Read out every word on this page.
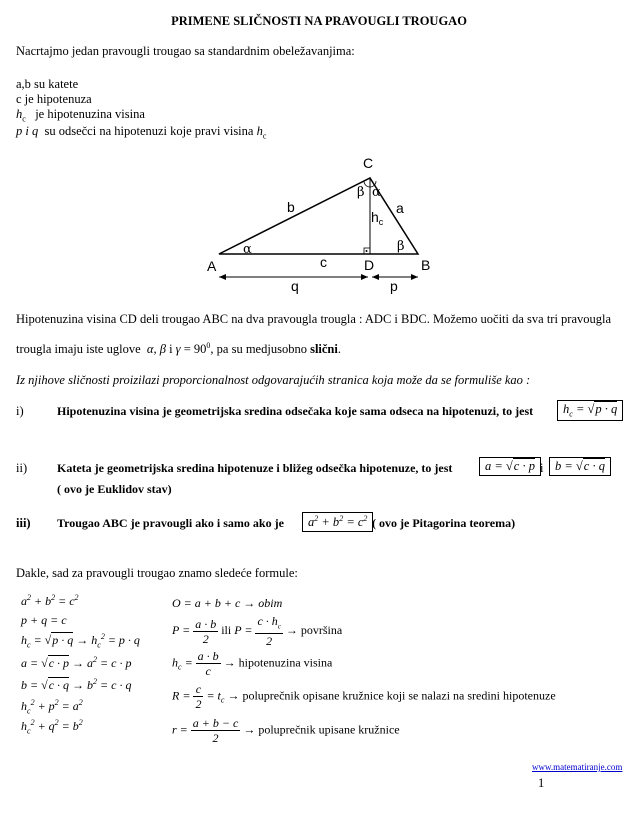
PRIMENE SLIČNOSTI NA PRAVOUGLI TROUGAO
Nacrtajmo jedan pravougli trougao sa standardnim obeležavanjima:
a,b su katete
c je hipotenuza
$h_c$ je hipotenuzina visina
p i q su odsečci na hipotenuzi koje pravi visina $h_c$
C
A	D	B
b	a
c
$h_c$
q	p
α
α
β
β
Hipotenuzina visina CD deli trougao ABC na dva pravougla trougla : ADC i BDC. Možemo uočiti da sva tri pravougla
trougla imaju iste uglove α, β i $\gamma = 90^0$, pa su medjusobno slični.
Iz njihove sličnosti proizilazi proporcionalnost odgovarajućih stranica koja može da se formuliše kao :
i)	Hipotenuzina visina je geometrijska sredina odsečaka koje sama odseca na hipotenuzi, to jest	$h_c = √p \cdot q$
ii) Kateta je geometrijska sredina hipotenuze i bližeg odsečka hipotenuze, to jest	a = √c · p i b = √c · q
( ovo je Euklidov stav)
iii) Trougao ABC je pravougli ako i samo ako je	$a^2 + b^2 = c^2$ ( ovo je Pitagorina teorema)
Dakle, sad za pravougli trougao znamo sledeće formule:
$a^2 + b^2 = c^2$
p + q = c
$h_c = √p \cdot q \to h_c^2 = p \cdot q$
$a = √c \cdot p \to a^2 = c \cdot p$
$b = √c \cdot q \to b^2 = c \cdot q$
$h_c^2 + p^2 = a^2$
$h_c^2 + q^2 = b^2$
O = a + b + c → obim
$P = \frac{a \cdot b}{2}$ ili $P = \frac{c \cdot h_c}{2}$ → površina
$h_c = \frac{a \cdot b}{c}$ → hipotenuzina visina
$R = \frac{c}{2} = t_c$ → poluprečnik opisane kružnice koji se nalazi na sredini hipotenuze
$r = \frac{a + b - c}{2}$ → poluprečnik upisane kružnice
www.matematiranje.com
1
